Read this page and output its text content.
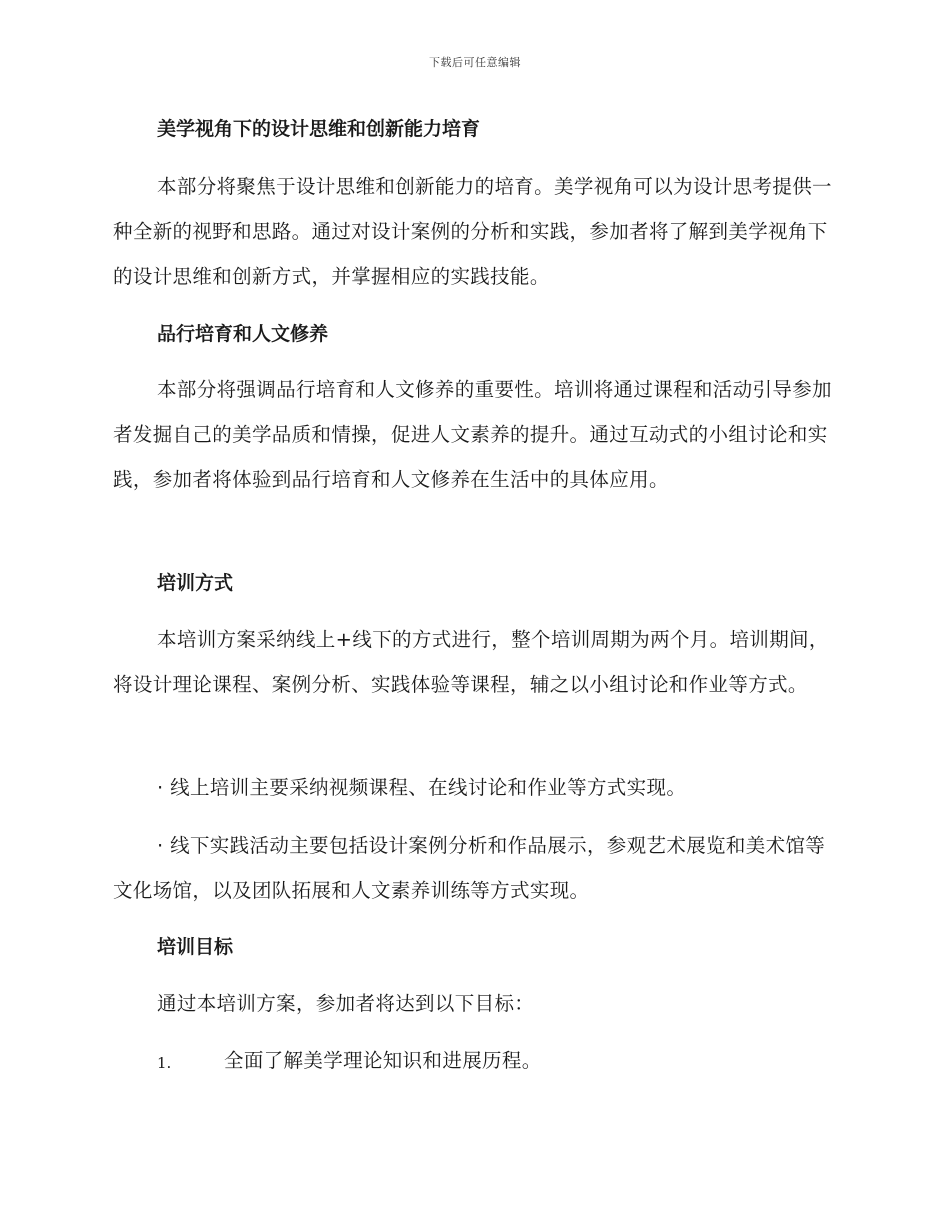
下载后可任意编辑
美学视角下的设计思维和创新能力培育
本部分将聚焦于设计思维和创新能力的培育。美学视角可以为设计思考提供一种全新的视野和思路。通过对设计案例的分析和实践，参加者将了解到美学视角下的设计思维和创新方式，并掌握相应的实践技能。
品行培育和人文修养
本部分将强调品行培育和人文修养的重要性。培训将通过课程和活动引导参加者发掘自己的美学品质和情操，促进人文素养的提升。通过互动式的小组讨论和实践，参加者将体验到品行培育和人文修养在生活中的具体应用。
培训方式
本培训方案采纳线上+线下的方式进行，整个培训周期为两个月。培训期间，将设计理论课程、案例分析、实践体验等课程，辅之以小组讨论和作业等方式。
· 线上培训主要采纳视频课程、在线讨论和作业等方式实现。
· 线下实践活动主要包括设计案例分析和作品展示，参观艺术展览和美术馆等文化场馆，以及团队拓展和人文素养训练等方式实现。
培训目标
通过本培训方案，参加者将达到以下目标：
1.	全面了解美学理论知识和进展历程。
